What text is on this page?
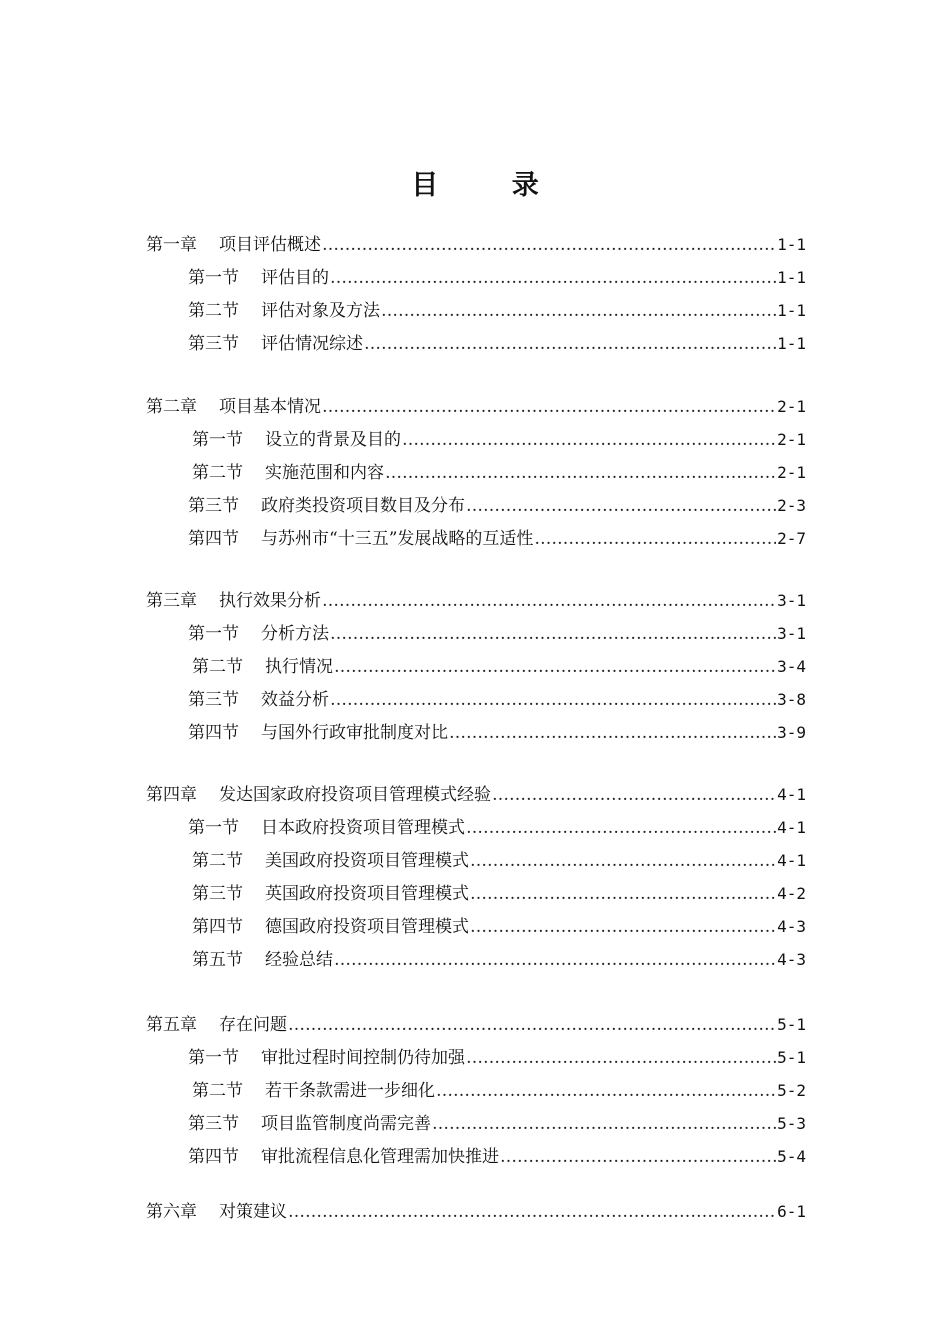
目 录
第一章 项目评估概述 ……………………………………………………………………………………………………………………………………………………………………	1-1
第一节 评估目的 ……………………………………………………………………………………………………………………………………………………………………	1-1
第二节 评估对象及方法 ……………………………………………………………………………………………………………………………………………………………………	1-1
第三节 评估情况综述 ……………………………………………………………………………………………………………………………………………………………………	1-1
第二章 项目基本情况 ……………………………………………………………………………………………………………………………………………………………………	2-1
第一节 设立的背景及目的 ……………………………………………………………………………………………………………………………………………………………………	2-1
第二节 实施范围和内容 ……………………………………………………………………………………………………………………………………………………………………	2-1
第三节 政府类投资项目数目及分布 ……………………………………………………………………………………………………………………………………………………………………	2-3
第四节 与苏州市“十三五”发展战略的互适性 ……………………………………………………………………………………………………………………………………………………………………	2-7
第三章 执行效果分析 ……………………………………………………………………………………………………………………………………………………………………	3-1
第一节 分析方法 ……………………………………………………………………………………………………………………………………………………………………	3-1
第二节 执行情况 ……………………………………………………………………………………………………………………………………………………………………	3-4
第三节 效益分析 ……………………………………………………………………………………………………………………………………………………………………	3-8
第四节 与国外行政审批制度对比 ……………………………………………………………………………………………………………………………………………………………………	3-9
第四章 发达国家政府投资项目管理模式经验 ……………………………………………………………………………………………………………………………………………………………………	4-1
第一节 日本政府投资项目管理模式 ……………………………………………………………………………………………………………………………………………………………………	4-1
第二节 美国政府投资项目管理模式 ……………………………………………………………………………………………………………………………………………………………………	4-1
第三节 英国政府投资项目管理模式 ……………………………………………………………………………………………………………………………………………………………………	4-2
第四节 德国政府投资项目管理模式 ……………………………………………………………………………………………………………………………………………………………………	4-3
第五节 经验总结 ……………………………………………………………………………………………………………………………………………………………………	4-3
第五章 存在问题 ……………………………………………………………………………………………………………………………………………………………………	5-1
第一节 审批过程时间控制仍待加强 ……………………………………………………………………………………………………………………………………………………………………	5-1
第二节 若干条款需进一步细化 ……………………………………………………………………………………………………………………………………………………………………	5-2
第三节 项目监管制度尚需完善 ……………………………………………………………………………………………………………………………………………………………………	5-3
第四节 审批流程信息化管理需加快推进 ……………………………………………………………………………………………………………………………………………………………………	5-4
第六章 对策建议 ……………………………………………………………………………………………………………………………………………………………………	6-1
